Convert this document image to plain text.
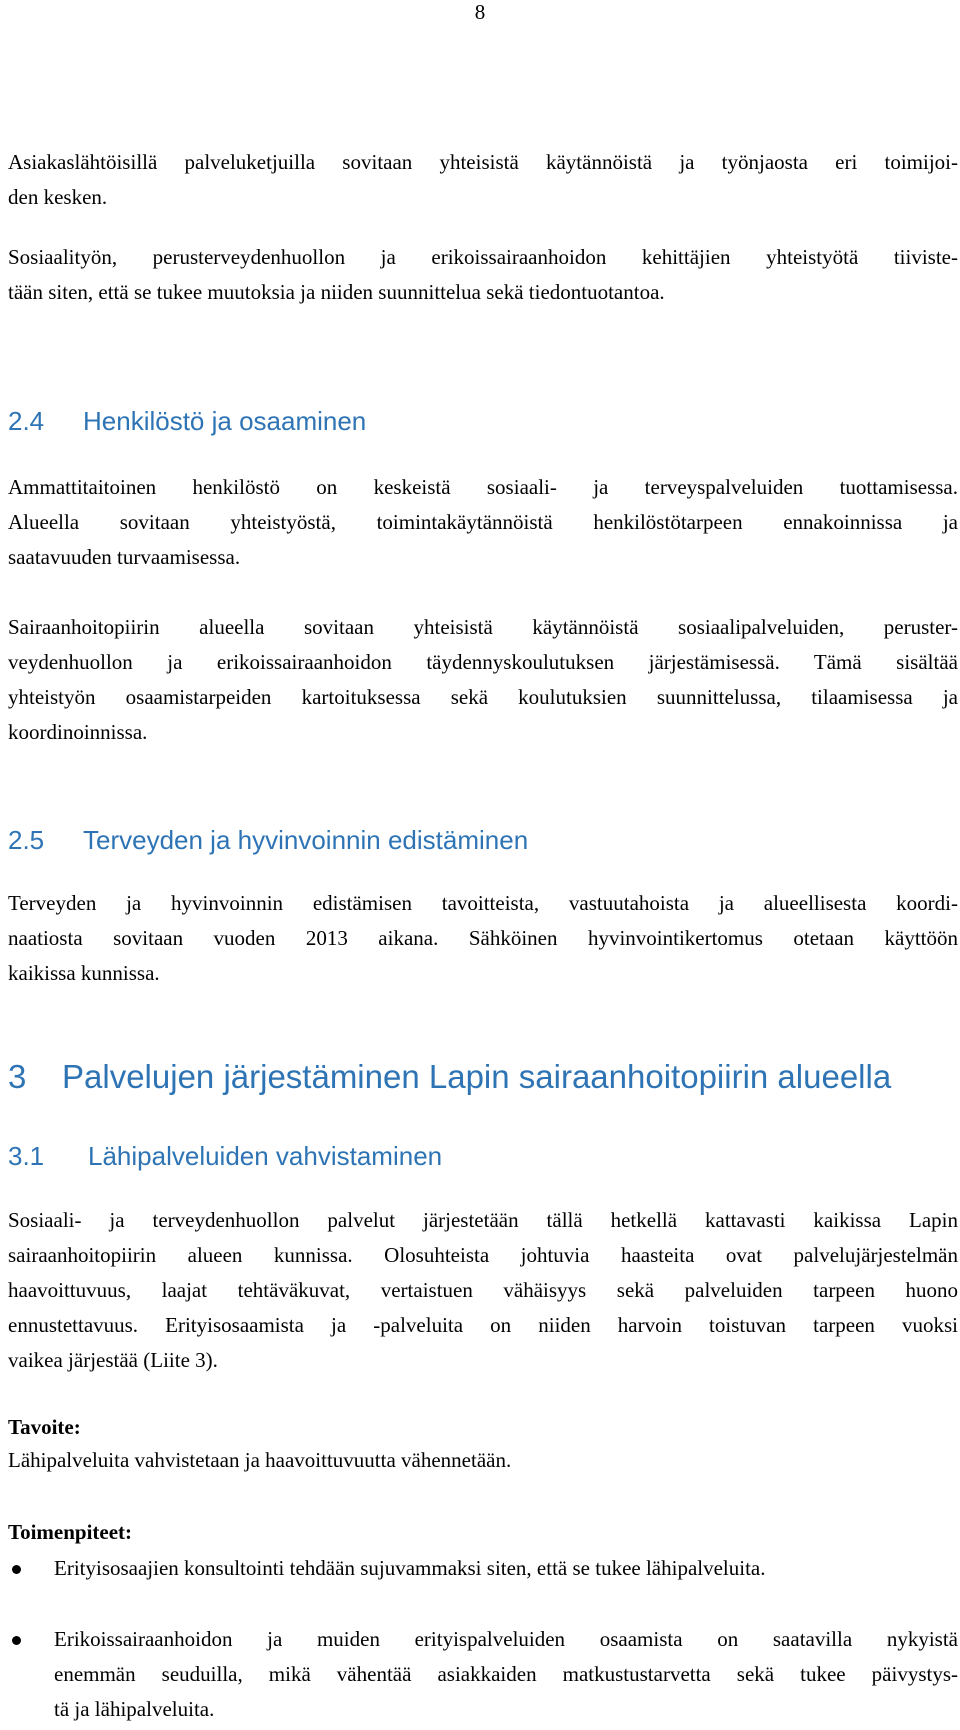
8
Asiakaslähtöisillä palveluketjuilla sovitaan yhteisistä käytännöistä ja työnjaosta eri toimijoi-
den kesken.
Sosiaalityön, perusterveydenhuollon ja erikoissairaanhoidon kehittäjien yhteistyötä tiiviste-
tään siten, että se tukee muutoksia ja niiden suunnittelua sekä tiedontuotantoa.
2.4 Henkilöstö ja osaaminen
Ammattitaitoinen henkilöstö on keskeistä sosiaali- ja terveyspalveluiden tuottamisessa.
Alueella sovitaan yhteistyöstä, toimintakäytännöistä henkilöstötarpeen ennakoinnissa ja
saatavuuden turvaamisessa.
Sairaanhoitopiirin alueella sovitaan yhteisistä käytännöistä sosiaalipalveluiden, peruster-
veydenhuollon ja erikoissairaanhoidon täydennyskoulutuksen järjestämisessä. Tämä sisältää
yhteistyön osaamistarpeiden kartoituksessa sekä koulutuksien suunnittelussa, tilaamisessa ja
koordinoinnissa.
2.5 Terveyden ja hyvinvoinnin edistäminen
Terveyden ja hyvinvoinnin edistämisen tavoitteista, vastuutahoista ja alueellisesta koordi-
naatiosta sovitaan vuoden 2013 aikana. Sähköinen hyvinvointikertomus otetaan käyttöön
kaikissa kunnissa.
3 Palvelujen järjestäminen Lapin sairaanhoitopiirin alueella
3.1 Lähipalveluiden vahvistaminen
Sosiaali- ja terveydenhuollon palvelut järjestetään tällä hetkellä kattavasti kaikissa Lapin
sairaanhoitopiirin alueen kunnissa. Olosuhteista johtuvia haasteita ovat palvelujärjestelmän
haavoittuvuus, laajat tehtäväkuvat, vertaistuen vähäisyys sekä palveluiden tarpeen huono
ennustettavuus. Erityisosaamista ja -palveluita on niiden harvoin toistuvan tarpeen vuoksi
vaikea järjestää (Liite 3).
Tavoite:
Lähipalveluita vahvistetaan ja haavoittuvuutta vähennetään.
Toimenpiteet:
Erityisosaajien konsultointi tehdään sujuvammaksi siten, että se tukee lähipalveluita.
Erikoissairaanhoidon ja muiden erityispalveluiden osaamista on saatavilla nykyistä
enemmän seuduilla, mikä vähentää asiakkaiden matkustustarvetta sekä tukee päivystys-
tä ja lähipalveluita.
